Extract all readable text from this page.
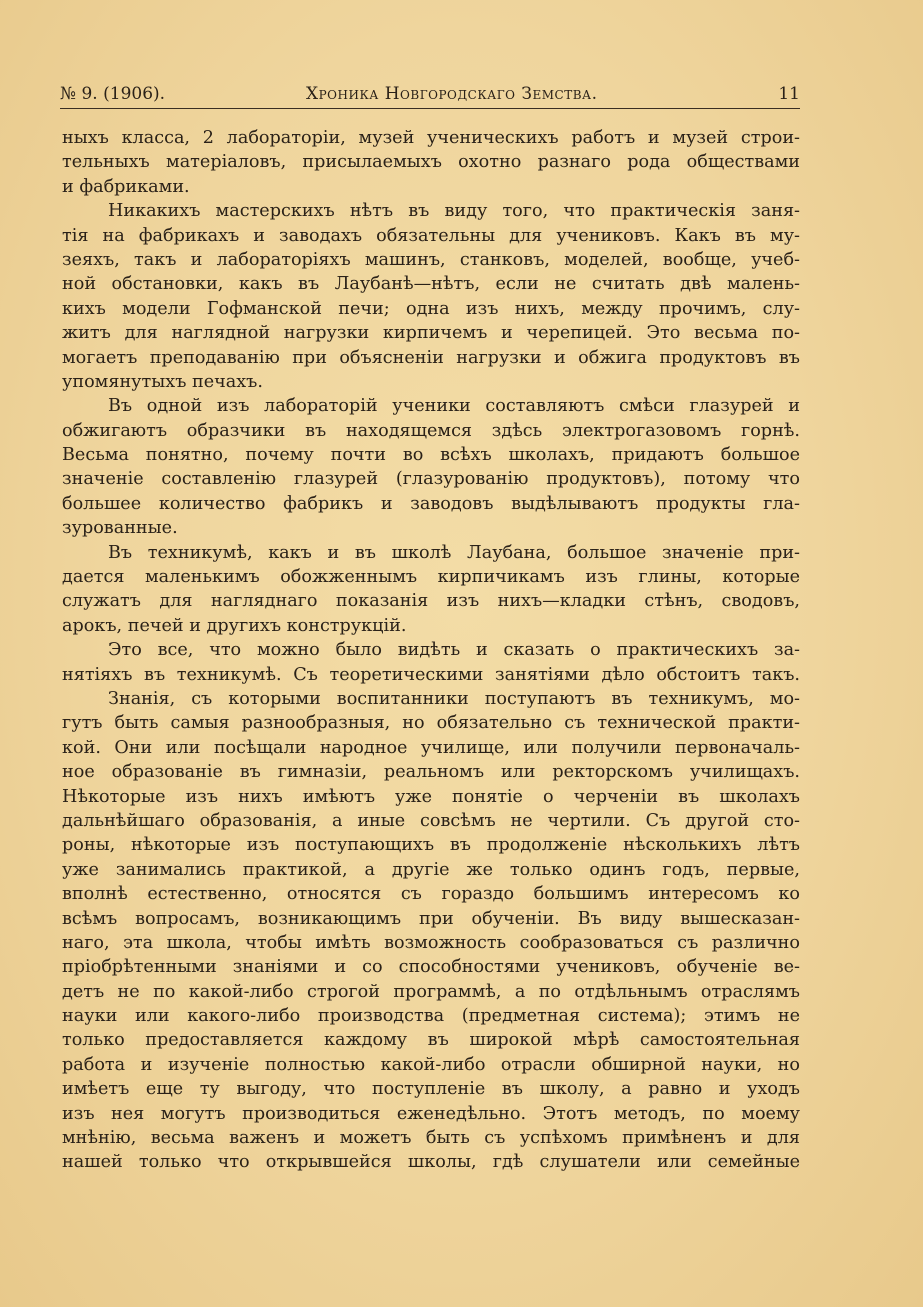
№ 9. (1906).	Хроника Новгородскаго Земства.	11
ныхъ класса, 2 лабораторіи, музей ученическихъ работъ и музей строи-
тельныхъ матеріаловъ, присылаемыхъ охотно разнаго рода обществами
и фабриками.
Никакихъ мастерскихъ нѣтъ въ виду того, что практическія заня-
тія на фабрикахъ и заводахъ обязательны для учениковъ. Какъ въ му-
зеяхъ, такъ и лабораторіяхъ машинъ, станковъ, моделей, вообще, учеб-
ной обстановки, какъ въ Лаубанѣ—нѣтъ, если не считать двѣ малень-
кихъ модели Гофманской печи; одна изъ нихъ, между прочимъ, слу-
житъ для наглядной нагрузки кирпичемъ и черепицей. Это весьма по-
могаетъ преподаванію при объясненіи нагрузки и обжига продуктовъ въ
упомянутыхъ печахъ.
Въ одной изъ лабораторій ученики составляютъ смѣси глазурей и
обжигаютъ образчики въ находящемся здѣсь электрогазовомъ горнѣ.
Весьма понятно, почему почти во всѣхъ школахъ, придаютъ большое
значеніе составленію глазурей (глазурованію продуктовъ), потому что
большее количество фабрикъ и заводовъ выдѣлываютъ продукты гла-
зурованные.
Въ техникумѣ, какъ и въ школѣ Лаубана, большое значеніе при-
дается маленькимъ обожженнымъ кирпичикамъ изъ глины, которые
служатъ для нагляднаго показанія изъ нихъ—кладки стѣнъ, сводовъ,
арокъ, печей и другихъ конструкцій.
Это все, что можно было видѣть и сказать о практическихъ за-
нятіяхъ въ техникумѣ. Съ теоретическими занятіями дѣло обстоитъ такъ.
Знанія, съ которыми воспитанники поступаютъ въ техникумъ, мо-
гутъ быть самыя разнообразныя, но обязательно съ технической практи-
кой. Они или посѣщали народное училище, или получили первоначаль-
ное образованіе въ гимназіи, реальномъ или ректорскомъ училищахъ.
Нѣкоторые изъ нихъ имѣютъ уже понятіе о черченіи въ школахъ
дальнѣйшаго образованія, а иные совсѣмъ не чертили. Съ другой сто-
роны, нѣкоторые изъ поступающихъ въ продолженіе нѣсколькихъ лѣтъ
уже занимались практикой, а другіе же только одинъ годъ, первые,
вполнѣ естественно, относятся съ гораздо большимъ интересомъ ко
всѣмъ вопросамъ, возникающимъ при обученіи. Въ виду вышесказан-
наго, эта школа, чтобы имѣть возможность сообразоваться съ различно
пріобрѣтенными знаніями и со способностями учениковъ, обученіе ве-
детъ не по какой-либо строгой программѣ, а по отдѣльнымъ отраслямъ
науки или какого-либо производства (предметная система); этимъ не
только предоставляется каждому въ широкой мѣрѣ самостоятельная
работа и изученіе полностью какой-либо отрасли обширной науки, но
имѣетъ еще ту выгоду, что поступленіе въ школу, а равно и уходъ
изъ нея могутъ производиться еженедѣльно. Этотъ методъ, по моему
мнѣнію, весьма важенъ и можетъ быть съ успѣхомъ примѣненъ и для
нашей только что открывшейся школы, гдѣ слушатели или семейные
